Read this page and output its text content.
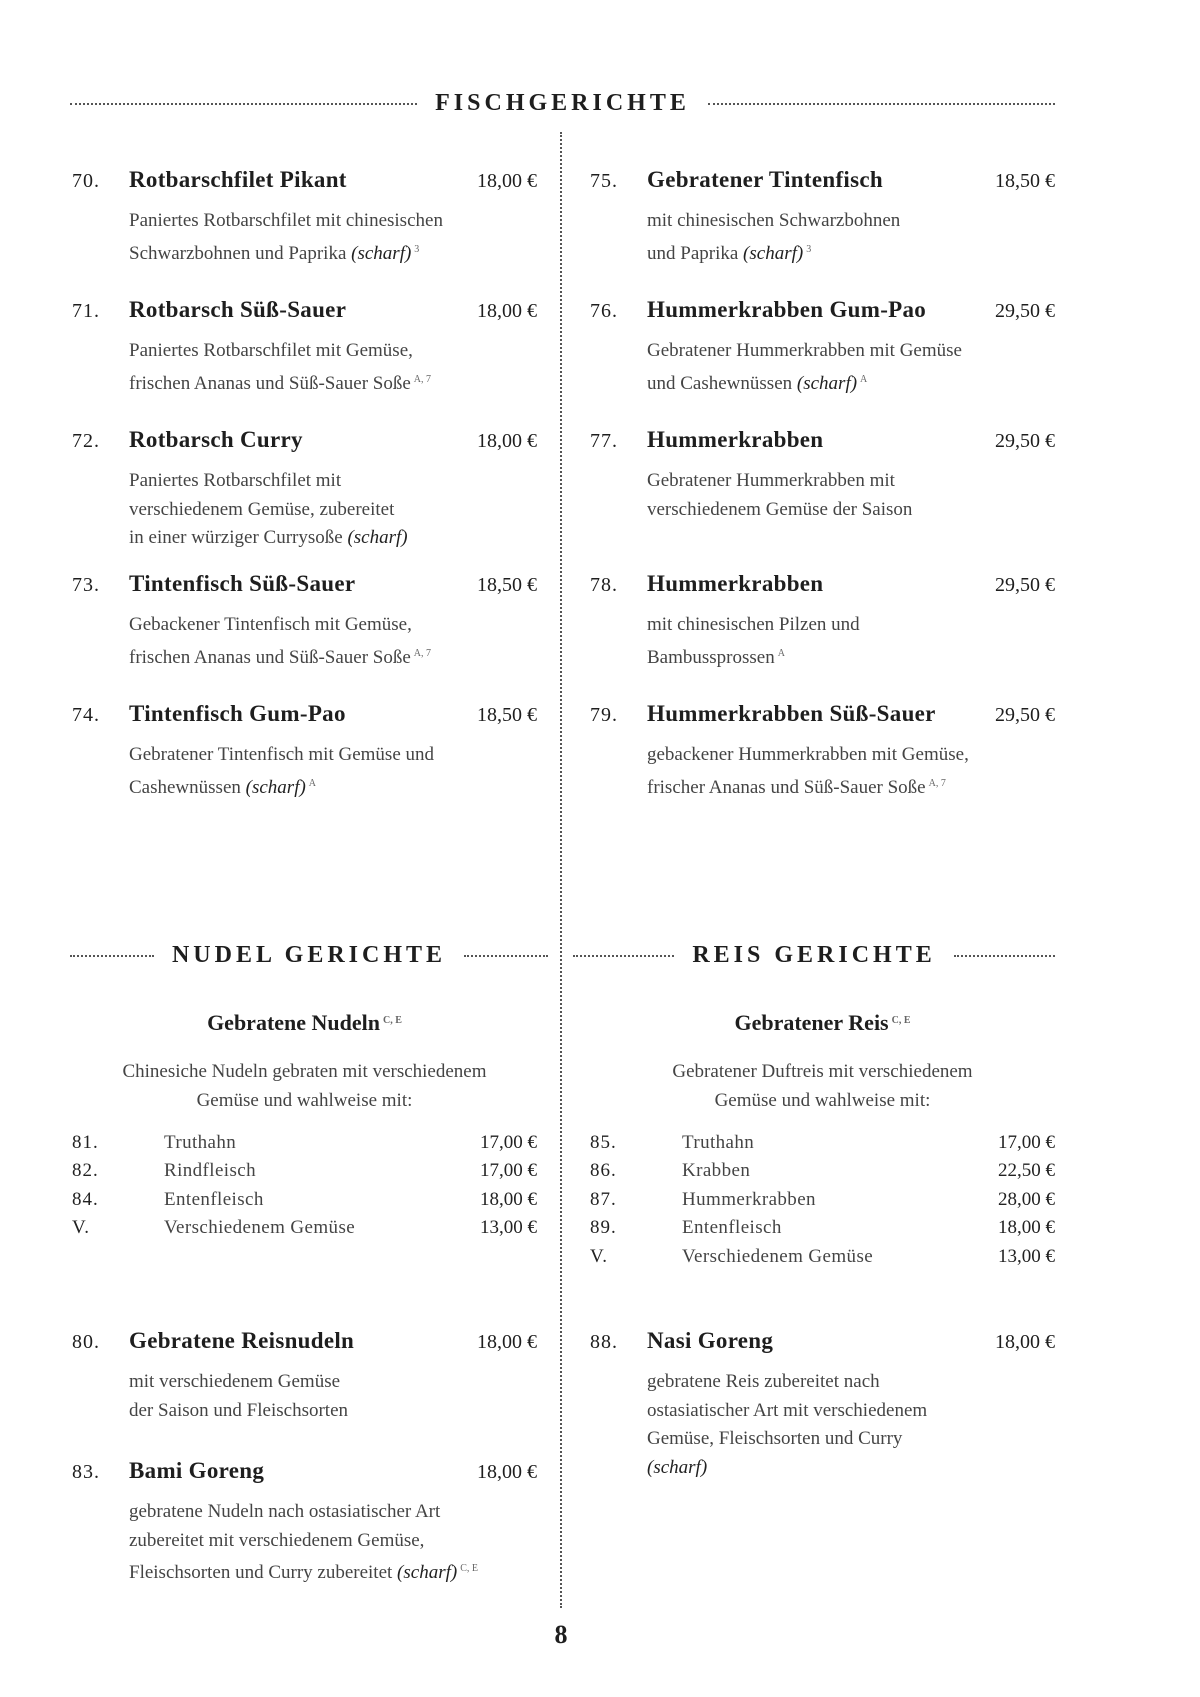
FISCHGERICHTE
NUDEL GERICHTE	REIS GERICHTE
70. Rotbarschfilet Pikant	18,00 €
Paniertes Rotbarschfilet mit chinesischen
Schwarzbohnen und Paprika (scharf) $^3$
71. Rotbarsch Süß-Sauer	18,00 €
Paniertes Rotbarschfilet mit Gemüse,
frischen Ananas und Süß-Sauer Soße $^{A, 7}$
72. Rotbarsch Curry	18,00 €
Paniertes Rotbarschfilet mit
verschiedenem Gemüse, zubereitet
in einer würziger Currysoße (scharf)
73. Tintenfisch Süß-Sauer	18,50 €
Gebackener Tintenfisch mit Gemüse,
frischen Ananas und Süß-Sauer Soße $^{A, 7}$
74. Tintenfisch Gum-Pao	18,50 €
Gebratener Tintenfisch mit Gemüse und
Cashewnüssen (scharf) $^A$
75. Gebratener Tintenfisch	18,50 €
mit chinesischen Schwarzbohnen
und Paprika (scharf) $^3$
76. Hummerkrabben Gum-Pao	29,50 €
Gebratener Hummerkrabben mit Gemüse
und Cashewnüssen (scharf) $^A$
77. Hummerkrabben	29,50 €
Gebratener Hummerkrabben mit
verschiedenem Gemüse der Saison
78. Hummerkrabben	29,50 €
mit chinesischen Pilzen und
Bambussprossen $^A$
79. Hummerkrabben Süß-Sauer	29,50 €
gebackener Hummerkrabben mit Gemüse,
frischer Ananas und Süß-Sauer Soße $^{A, 7}$
Gebratene Nudeln $^{C, E}$
Chinesiche Nudeln gebraten mit verschiedenem
Gemüse und wahlweise mit:
81.	Truthahn	17,00 €
82.	Rindfleisch	17,00 €
84.	Entenfleisch	18,00 €
V.	Verschiedenem Gemüse	13,00 €
80. Gebratene Reisnudeln	18,00 €
mit verschiedenem Gemüse
der Saison und Fleischsorten
83. Bami Goreng	18,00 €
gebratene Nudeln nach ostasiatischer Art
zubereitet mit verschiedenem Gemüse,
Fleischsorten und Curry zubereitet (scharf) $^{C, E}$
Gebratener Reis $^{C, E}$
Gebratener Duftreis mit verschiedenem
Gemüse und wahlweise mit:
85.	Truthahn	17,00 €
86.	Krabben	22,50 €
87.	Hummerkrabben	28,00 €
89.	Entenfleisch	18,00 €
V.	Verschiedenem Gemüse	13,00 €
88. Nasi Goreng	18,00 €
gebratene Reis zubereitet nach
ostasiatischer Art mit verschiedenem
Gemüse, Fleischsorten und Curry
(scharf)
8
